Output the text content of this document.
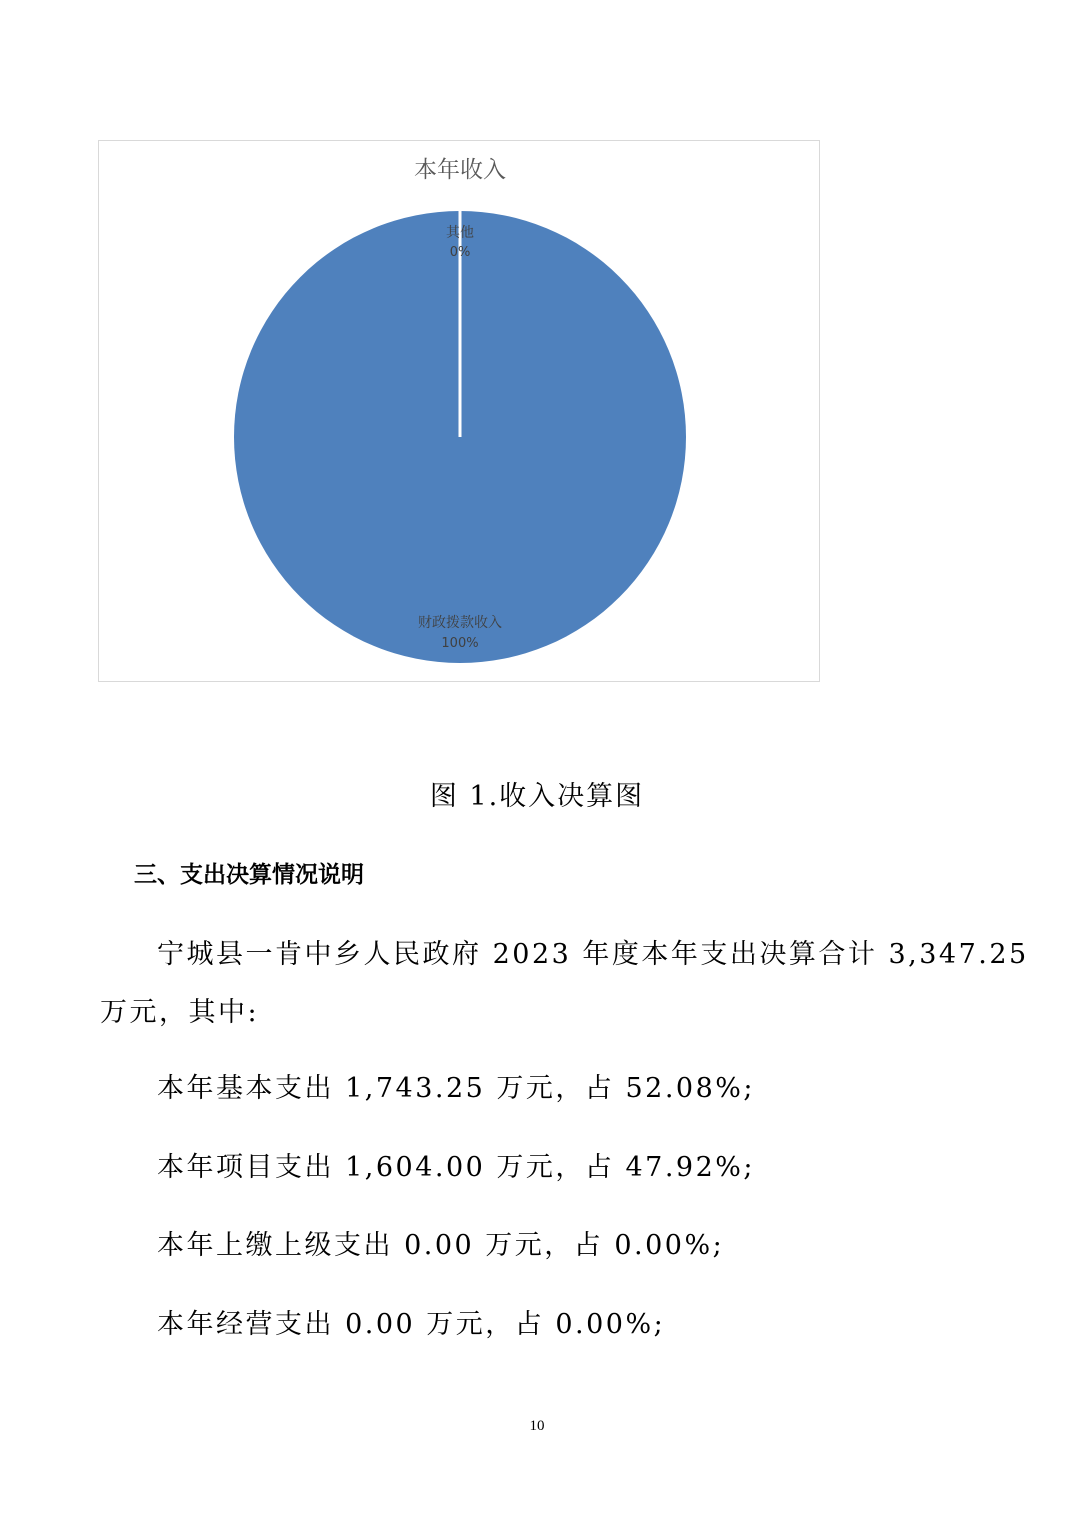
本年收入
其他
0%
财政拨款收入
100%
图 1.收入决算图
三、支出决算情况说明
宁城县一肯中乡人民政府 2023 年度本年支出决算合计 3,347.25
万元，其中:
本年基本支出 1,743.25 万元，占 52.08%;
本年项目支出 1,604.00 万元，占 47.92%;
本年上缴上级支出 0.00 万元，占 0.00%;
本年经营支出 0.00 万元，占 0.00%;
10
